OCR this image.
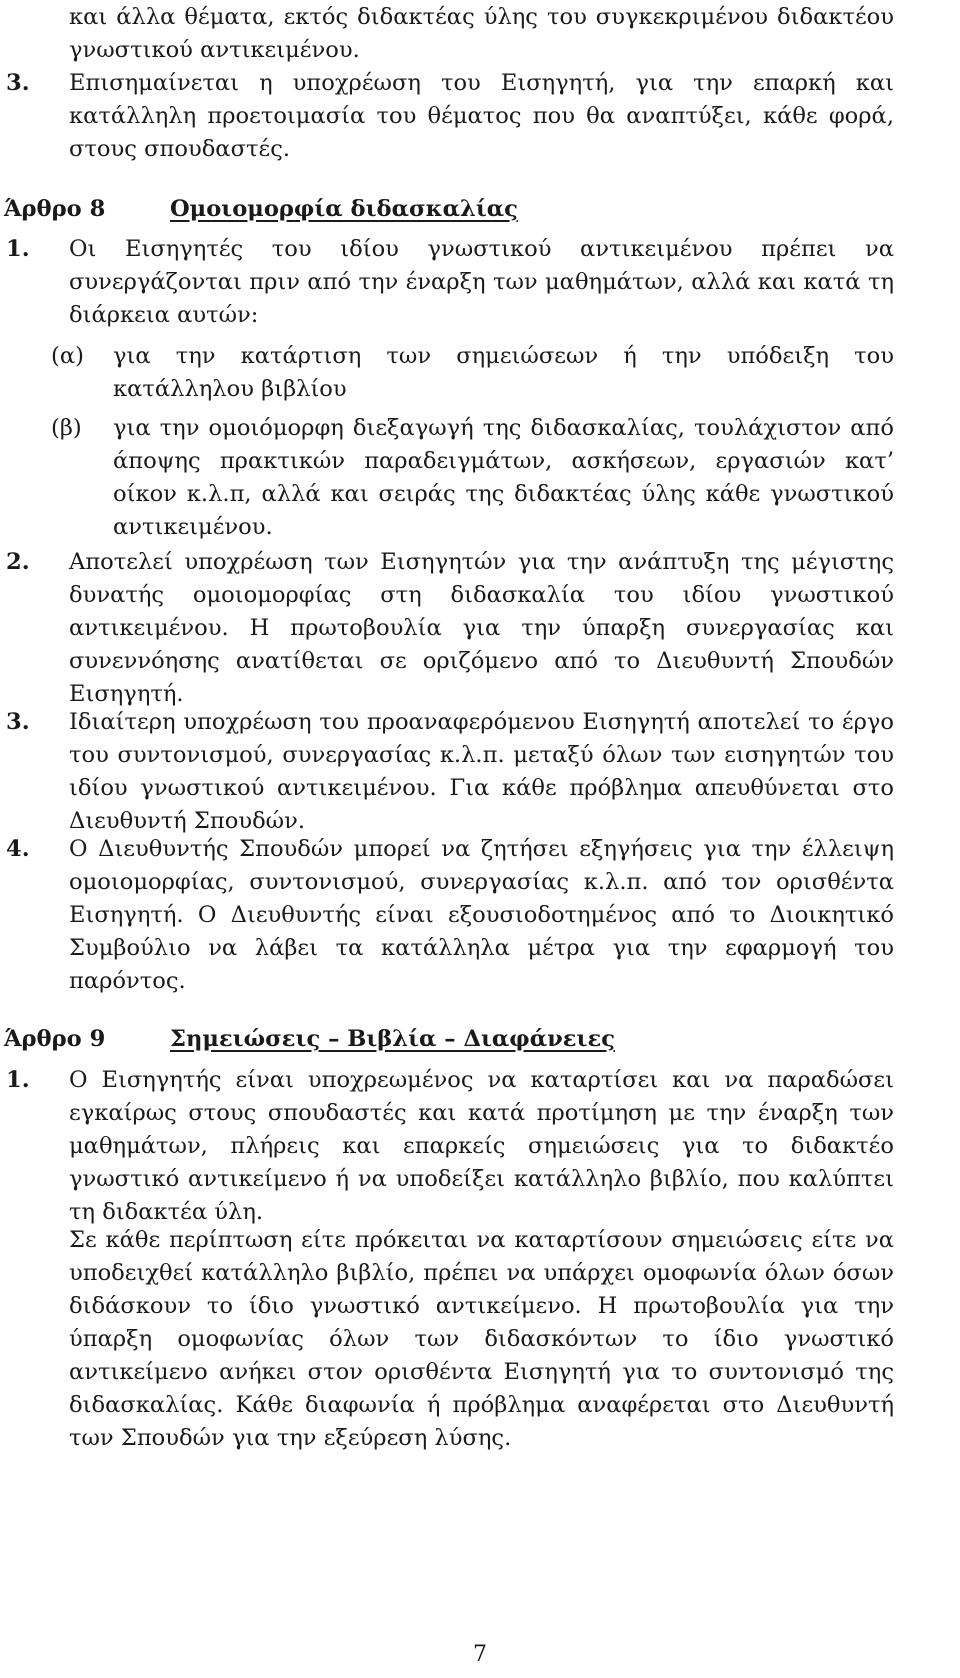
και άλλα θέματα, εκτός διδακτέας ύλης του συγκεκριμένου διδακτέου γνωστικού αντικειμένου.
3. Επισημαίνεται η υποχρέωση του Εισηγητή, για την επαρκή και κατάλληλη προετοιμασία του θέματος που θα αναπτύξει, κάθε φορά, στους σπουδαστές.
Άρθρο 8	Ομοιομορφία διδασκαλίας
1. Οι Εισηγητές του ιδίου γνωστικού αντικειμένου πρέπει να συνεργάζονται πριν από την έναρξη των μαθημάτων, αλλά και κατά τη διάρκεια αυτών:
(α) για την κατάρτιση των σημειώσεων ή την υπόδειξη του κατάλληλου βιβλίου
(β) για την ομοιόμορφη διεξαγωγή της διδασκαλίας, τουλάχιστον από άποψης πρακτικών παραδειγμάτων, ασκήσεων, εργασιών κατ’ οίκον κ.λ.π, αλλά και σειράς της διδακτέας ύλης κάθε γνωστικού αντικειμένου.
2. Αποτελεί υποχρέωση των Εισηγητών για την ανάπτυξη της μέγιστης δυνατής ομοιομορφίας στη διδασκαλία του ιδίου γνωστικού αντικειμένου. Η πρωτοβουλία για την ύπαρξη συνεργασίας και συνεννόησης ανατίθεται σε οριζόμενο από το Διευθυντή Σπουδών Εισηγητή.
3. Ιδιαίτερη υποχρέωση του προαναφερόμενου Εισηγητή αποτελεί το έργο του συντονισμού, συνεργασίας κ.λ.π. μεταξύ όλων των εισηγητών του ιδίου γνωστικού αντικειμένου. Για κάθε πρόβλημα απευθύνεται στο Διευθυντή Σπουδών.
4. Ο Διευθυντής Σπουδών μπορεί να ζητήσει εξηγήσεις για την έλλειψη ομοιομορφίας, συντονισμού, συνεργασίας κ.λ.π. από τον ορισθέντα Εισηγητή. Ο Διευθυντής είναι εξουσιοδοτημένος από το Διοικητικό Συμβούλιο να λάβει τα κατάλληλα μέτρα για την εφαρμογή του παρόντος.
Άρθρο 9	Σημειώσεις – Βιβλία – Διαφάνειες
1. Ο Εισηγητής είναι υποχρεωμένος να καταρτίσει και να παραδώσει εγκαίρως στους σπουδαστές και κατά προτίμηση με την έναρξη των μαθημάτων, πλήρεις και επαρκείς σημειώσεις για το διδακτέο γνωστικό αντικείμενο ή να υποδείξει κατάλληλο βιβλίο, που καλύπτει τη διδακτέα ύλη.
Σε κάθε περίπτωση είτε πρόκειται να καταρτίσουν σημειώσεις είτε να υποδειχθεί κατάλληλο βιβλίο, πρέπει να υπάρχει ομοφωνία όλων όσων διδάσκουν το ίδιο γνωστικό αντικείμενο. Η πρωτοβουλία για την ύπαρξη ομοφωνίας όλων των διδασκόντων το ίδιο γνωστικό αντικείμενο ανήκει στον ορισθέντα Εισηγητή για το συντονισμό της διδασκαλίας. Κάθε διαφωνία ή πρόβλημα αναφέρεται στο Διευθυντή των Σπουδών για την εξεύρεση λύσης.
7
